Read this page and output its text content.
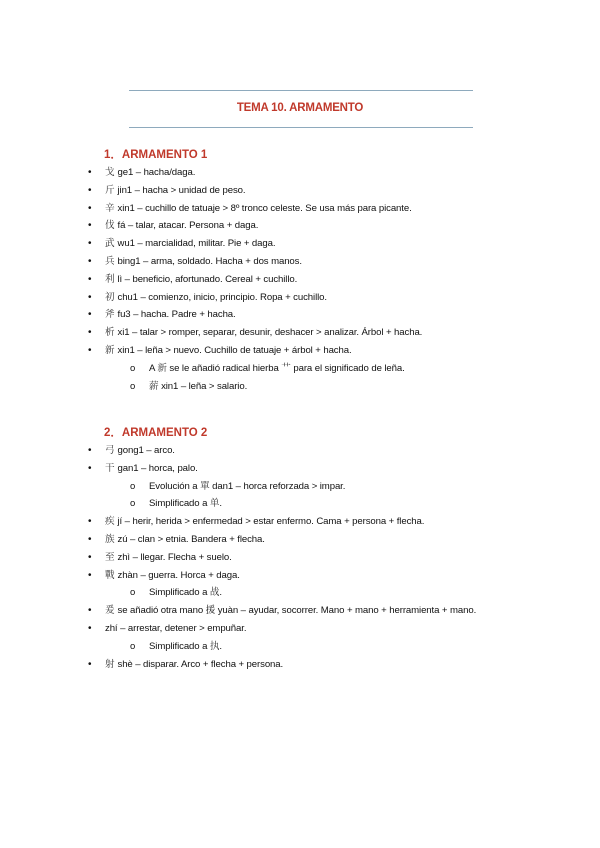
TEMA 10. ARMAMENTO
1．ARMAMENTO 1
• 戈 ge1 – hacha/daga.
• 斤 jin1 – hacha > unidad de peso.
• 辛 xin1 – cuchillo de tatuaje > 8º tronco celeste. Se usa más para picante.
• 伐 fá – talar, atacar. Persona + daga.
• 武 wu1 – marcialidad, militar. Pie + daga.
• 兵 bing1 – arma, soldado. Hacha + dos manos.
• 利 lì – beneficio, afortunado. Cereal + cuchillo.
• 初 chu1 – comienzo, inicio, principio. Ropa + cuchillo.
• 斧 fu3 – hacha. Padre + hacha.
• 析 xi1 – talar > romper, separar, desunir, deshacer > analizar. Árbol + hacha.
• 新 xin1 – leña > nuevo. Cuchillo de tatuaje + árbol + hacha.
o A 新 se le añadió radical hierba 艹 para el significado de leña.
o 薪 xin1 – leña > salario.
2．ARMAMENTO 2
• 弓 gong1 – arco.
• 干 gan1 – horca, palo.
o Evolución a 單 dan1 – horca reforzada > impar.
o Simplificado a 单.
• 疾 jí – herir, herida > enfermedad > estar enfermo. Cama + persona + flecha.
• 族 zú – clan > etnia. Bandera + flecha.
• 至 zhì – llegar. Flecha + suelo.
• 戰 zhàn – guerra. Horca + daga.
o Simplificado a 战.
• 爰 se añadió otra mano 援 yuàn – ayudar, socorrer. Mano + mano + herramienta + mano.
• zhí – arrestar, detener > empuñar.
o Simplificado a 执.
• 射 shè – disparar. Arco + flecha + persona.
